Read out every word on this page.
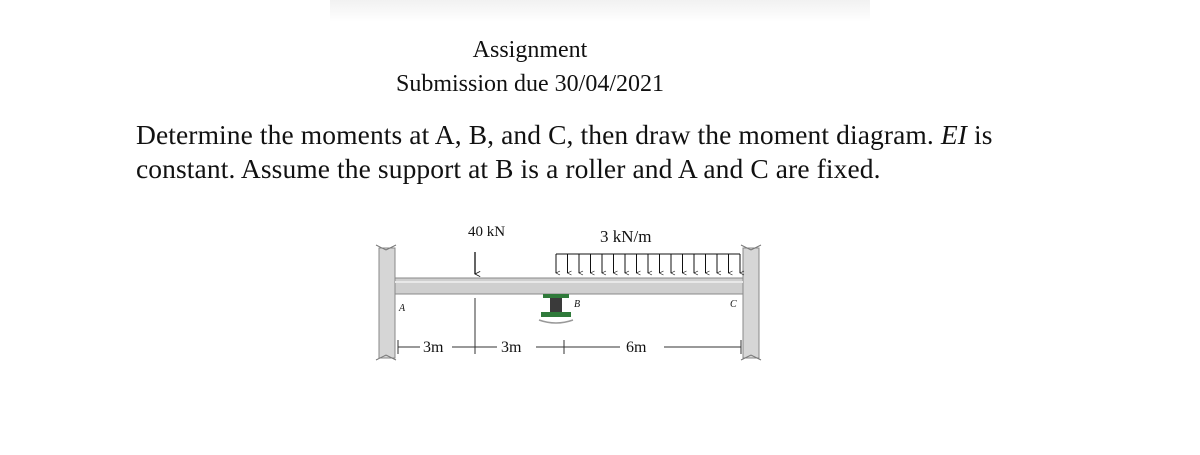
Assignment
Submission due 30/04/2021
Determine the moments at A, B, and C, then draw the moment diagram. EI is
constant. Assume the support at B is a roller and A and C are fixed.
40 kN	3 kN/m
A	B	C
3m	3m	6m
